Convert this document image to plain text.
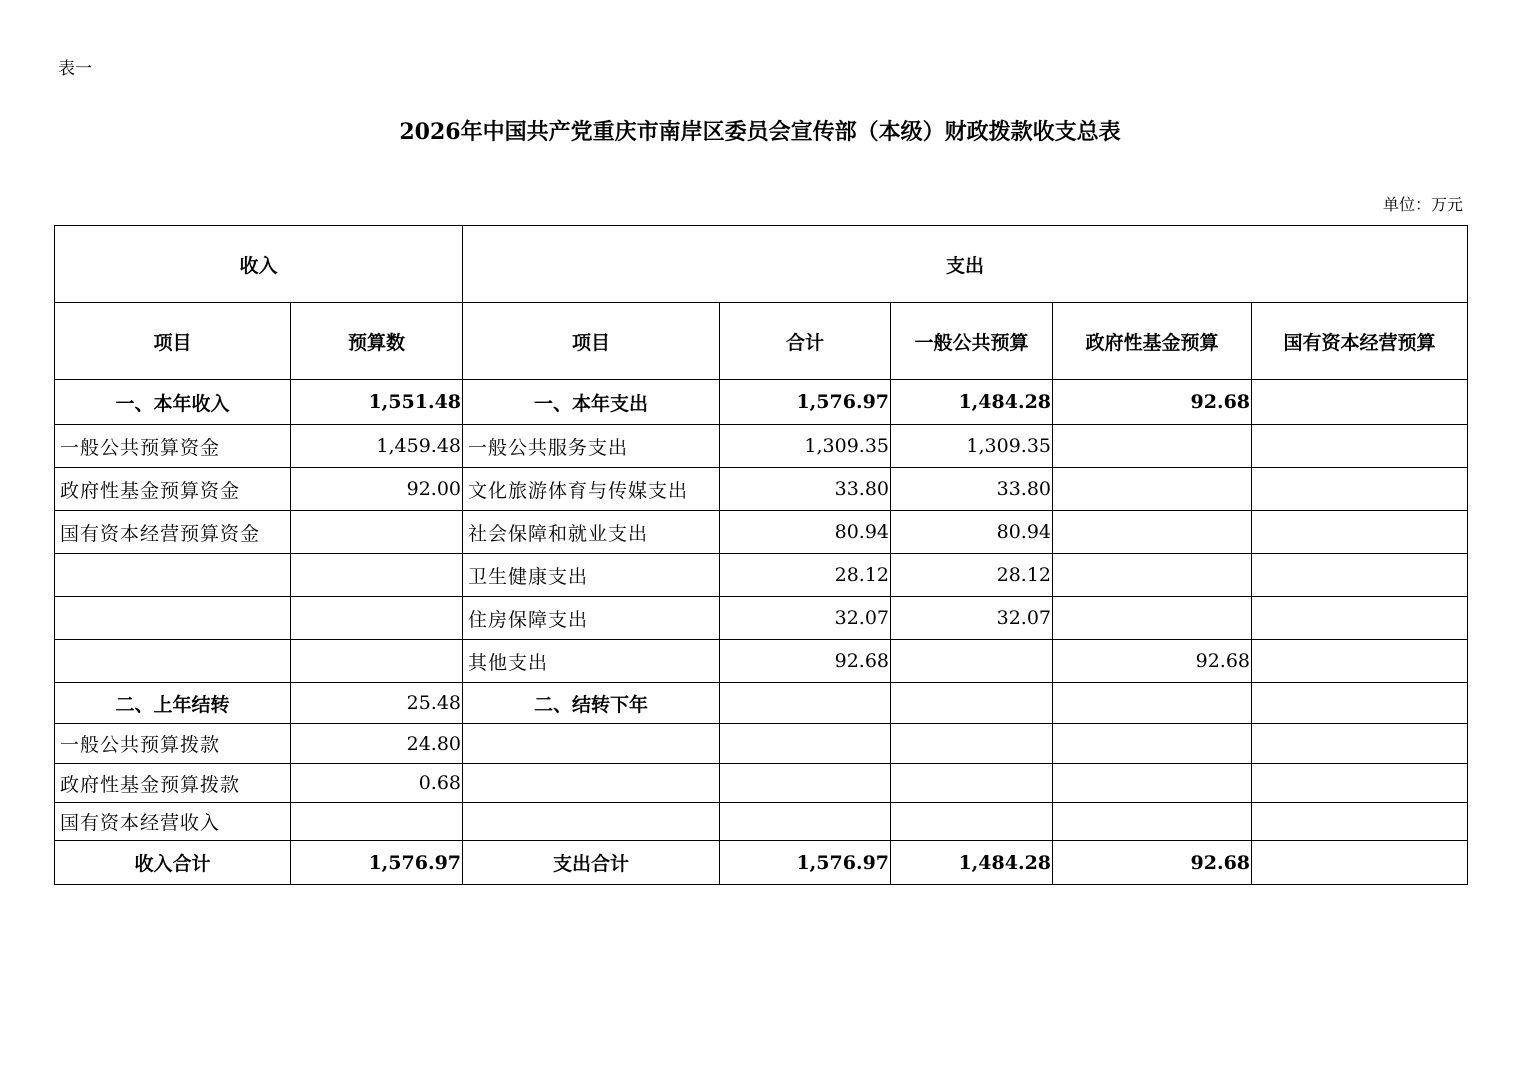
表一
2026年中国共产党重庆市南岸区委员会宣传部（本级）财政拨款收支总表
单位：万元
收入		支出				
项目	预算数	项目	合计	一般公共预算	政府性基金预算	国有资本经营预算
一、本年收入	1,551.48	一、本年支出	1,576.97	1,484.28	92.68	
一般公共预算资金	1,459.48	一般公共服务支出	1,309.35	1,309.35		
政府性基金预算资金	92.00	文化旅游体育与传媒支出	33.80	33.80		
国有资本经营预算资金		社会保障和就业支出	80.94	80.94		
		卫生健康支出	28.12	28.12		
		住房保障支出	32.07	32.07		
		其他支出	92.68		92.68	
二、上年结转	25.48	二、结转下年				
一般公共预算拨款	24.80					
政府性基金预算拨款	0.68					
国有资本经营收入						
收入合计	1,576.97	支出合计	1,576.97	1,484.28	92.68	
